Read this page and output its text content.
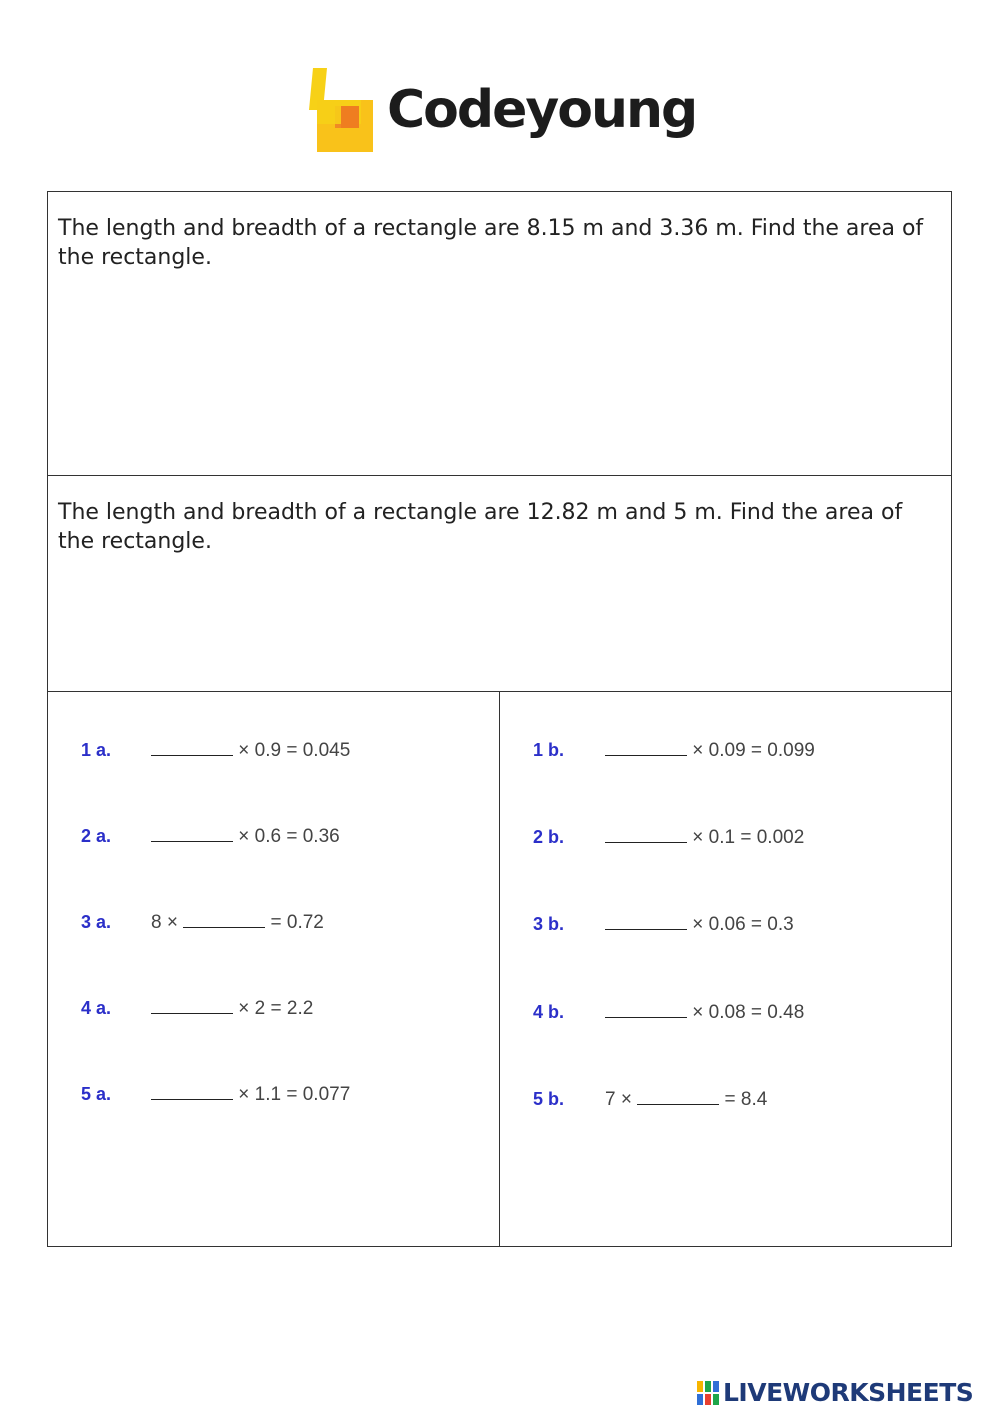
Codeyoung
The length and breadth of a rectangle are 8.15 m and 3.36 m. Find the area of the rectangle.
The length and breadth of a rectangle are 12.82 m and 5 m. Find the area of the rectangle.
1 a.	× 0.9 = 0.045
2 a.	× 0.6 = 0.36
3 a. 8 ×	= 0.72
4 a.	× 2 = 2.2
5 a.	× 1.1 = 0.077
1 b.	× 0.09 = 0.099
2 b.	× 0.1 = 0.002
3 b.	× 0.06 = 0.3
4 b.	× 0.08 = 0.48
5 b. 7 ×	= 8.4
LIVEWORKSHEETS
